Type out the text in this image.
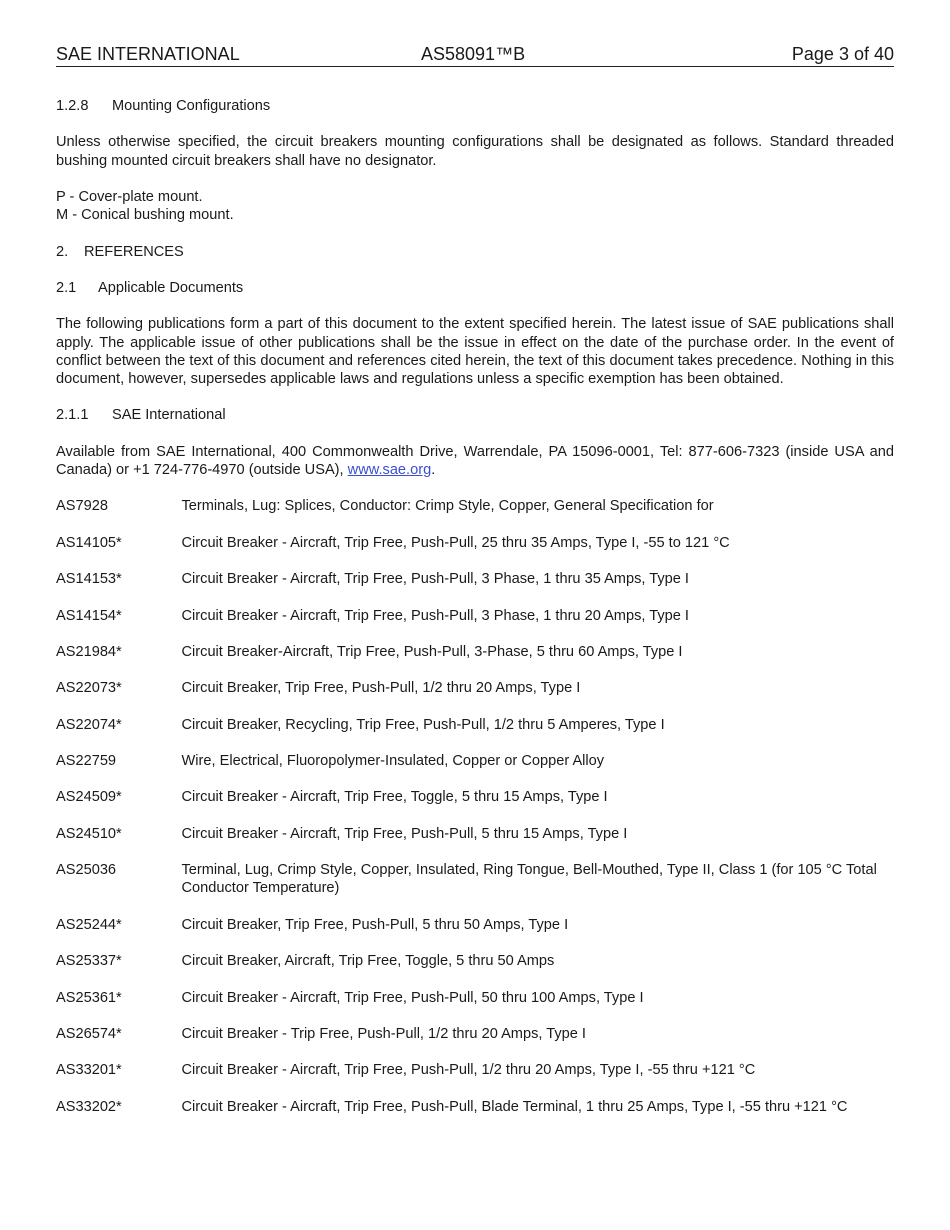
SAE INTERNATIONAL	AS58091™B	Page 3 of 40

1.2.8 Mounting Configurations

Unless otherwise specified, the circuit breakers mounting configurations shall be designated as follows. Standard threaded bushing mounted circuit breakers shall have no designator.

P - Cover-plate mount.

M - Conical bushing mount.

2. REFERENCES

2.1 Applicable Documents

The following publications form a part of this document to the extent specified herein. The latest issue of SAE publications shall apply. The applicable issue of other publications shall be the issue in effect on the date of the purchase order. In the event of conflict between the text of this document and references cited herein, the text of this document takes precedence. Nothing in this document, however, supersedes applicable laws and regulations unless a specific exemption has been obtained.

2.1.1 SAE International

Available from SAE International, 400 Commonwealth Drive, Warrendale, PA 15096-0001, Tel: 877-606-7323 (inside USA and Canada) or +1 724-776-4970 (outside USA), www.sae.org.

AS7928	Terminals, Lug: Splices, Conductor: Crimp Style, Copper, General Specification for
AS14105*	Circuit Breaker - Aircraft, Trip Free, Push-Pull, 25 thru 35 Amps, Type I, -55 to 121 °C
AS14153*	Circuit Breaker - Aircraft, Trip Free, Push-Pull, 3 Phase, 1 thru 35 Amps, Type I
AS14154*	Circuit Breaker - Aircraft, Trip Free, Push-Pull, 3 Phase, 1 thru 20 Amps, Type I
AS21984*	Circuit Breaker-Aircraft, Trip Free, Push-Pull, 3-Phase, 5 thru 60 Amps, Type I
AS22073*	Circuit Breaker, Trip Free, Push-Pull, 1/2 thru 20 Amps, Type I
AS22074*	Circuit Breaker, Recycling, Trip Free, Push-Pull, 1/2 thru 5 Amperes, Type I
AS22759	Wire, Electrical, Fluoropolymer-Insulated, Copper or Copper Alloy
AS24509*	Circuit Breaker - Aircraft, Trip Free, Toggle, 5 thru 15 Amps, Type I
AS24510*	Circuit Breaker - Aircraft, Trip Free, Push-Pull, 5 thru 15 Amps, Type I
AS25036	Terminal, Lug, Crimp Style, Copper, Insulated, Ring Tongue, Bell-Mouthed, Type II, Class 1 (for 105 °C Total Conductor Temperature)
AS25244*	Circuit Breaker, Trip Free, Push-Pull, 5 thru 50 Amps, Type I
AS25337*	Circuit Breaker, Aircraft, Trip Free, Toggle, 5 thru 50 Amps
AS25361*	Circuit Breaker - Aircraft, Trip Free, Push-Pull, 50 thru 100 Amps, Type I
AS26574*	Circuit Breaker - Trip Free, Push-Pull, 1/2 thru 20 Amps, Type I
AS33201*	Circuit Breaker - Aircraft, Trip Free, Push-Pull, 1/2 thru 20 Amps, Type I, -55 thru +121 °C
AS33202*	Circuit Breaker - Aircraft, Trip Free, Push-Pull, Blade Terminal, 1 thru 25 Amps, Type I, -55 thru +121 °C
